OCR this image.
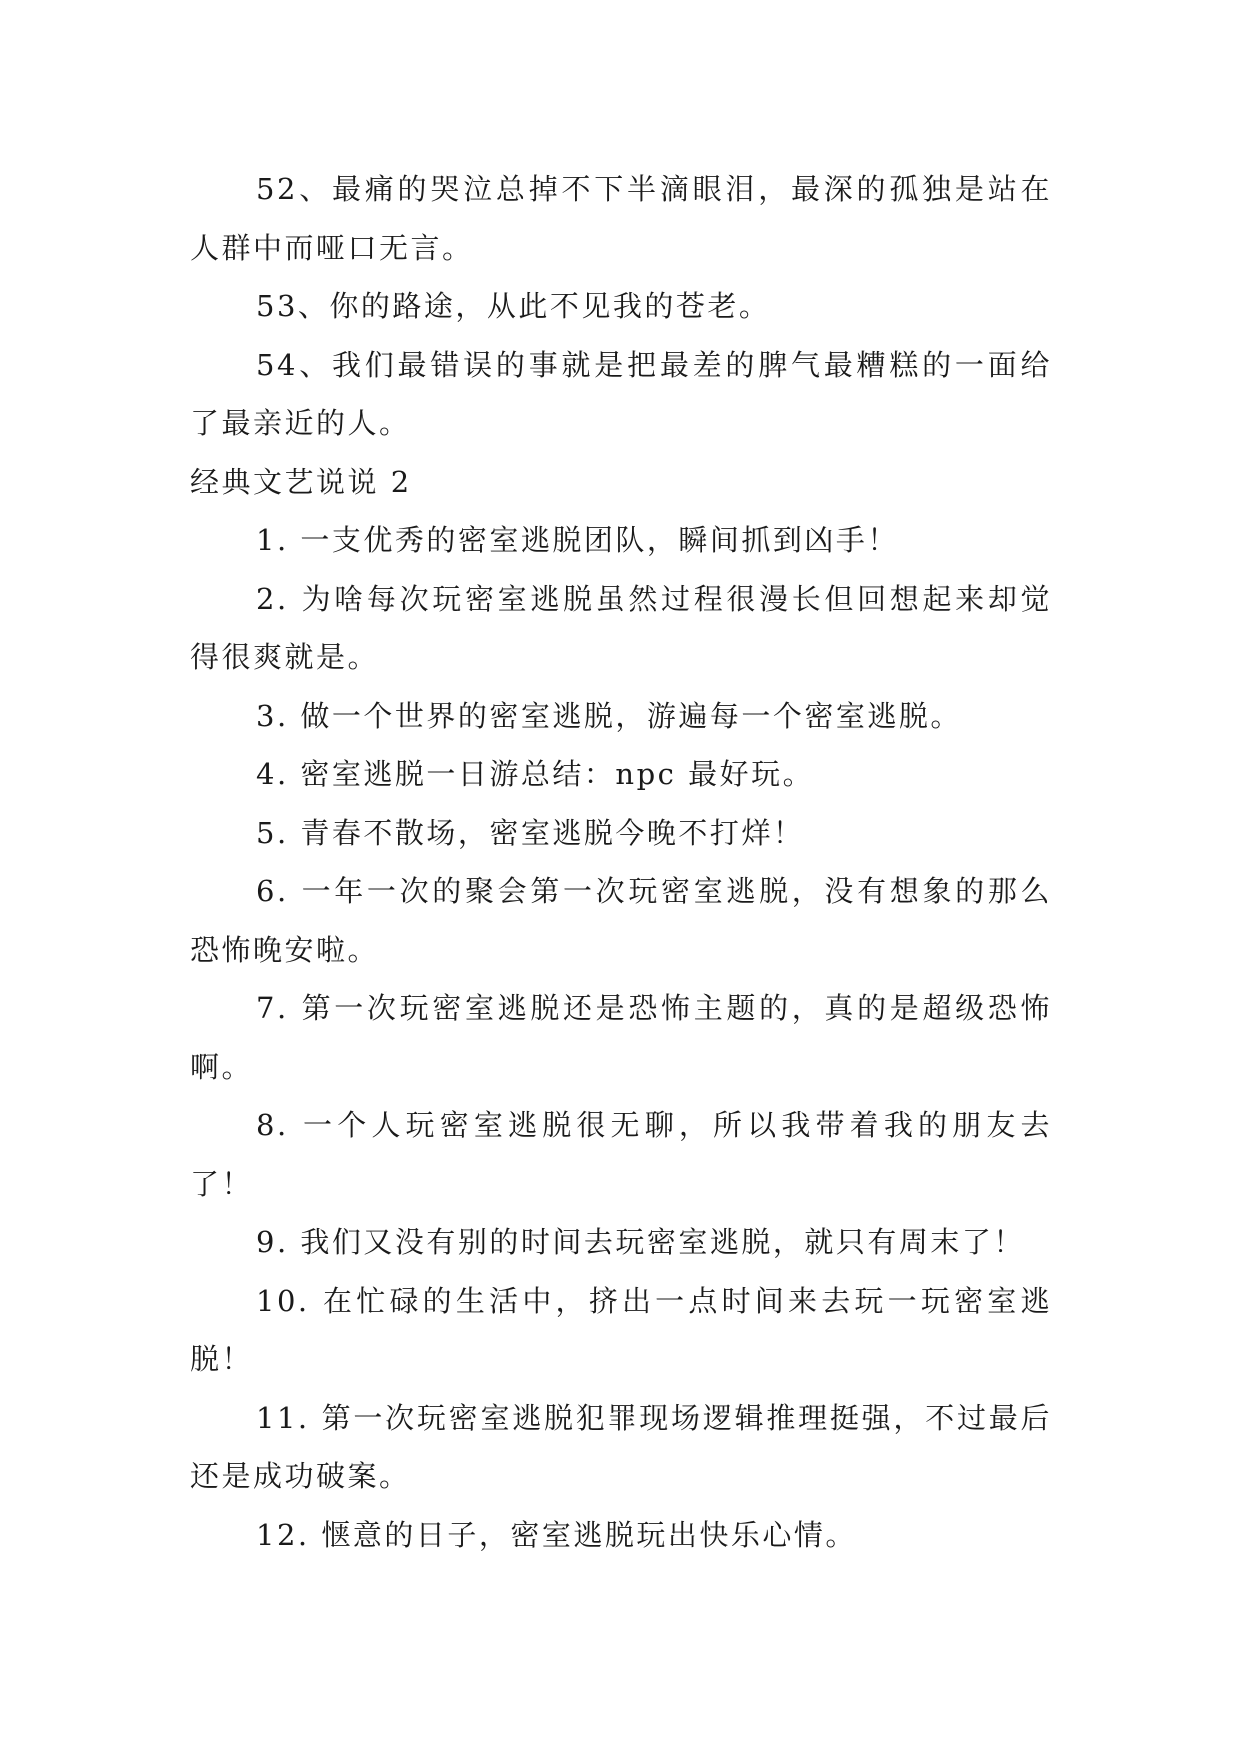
52、最痛的哭泣总掉不下半滴眼泪，最深的孤独是站在人群中而哑口无言。

53、你的路途，从此不见我的苍老。

54、我们最错误的事就是把最差的脾气最糟糕的一面给了最亲近的人。

经典文艺说说 2

1. 一支优秀的密室逃脱团队，瞬间抓到凶手！

2. 为啥每次玩密室逃脱虽然过程很漫长但回想起来却觉得很爽就是。

3. 做一个世界的密室逃脱，游遍每一个密室逃脱。

4. 密室逃脱一日游总结：npc 最好玩。

5. 青春不散场，密室逃脱今晚不打烊！

6. 一年一次的聚会第一次玩密室逃脱，没有想象的那么恐怖晚安啦。

7. 第一次玩密室逃脱还是恐怖主题的，真的是超级恐怖啊。

8. 一个人玩密室逃脱很无聊，所以我带着我的朋友去了！

9. 我们又没有别的时间去玩密室逃脱，就只有周末了！

10. 在忙碌的生活中，挤出一点时间来去玩一玩密室逃脱！

11. 第一次玩密室逃脱犯罪现场逻辑推理挺强，不过最后还是成功破案。

12. 惬意的日子，密室逃脱玩出快乐心情。
